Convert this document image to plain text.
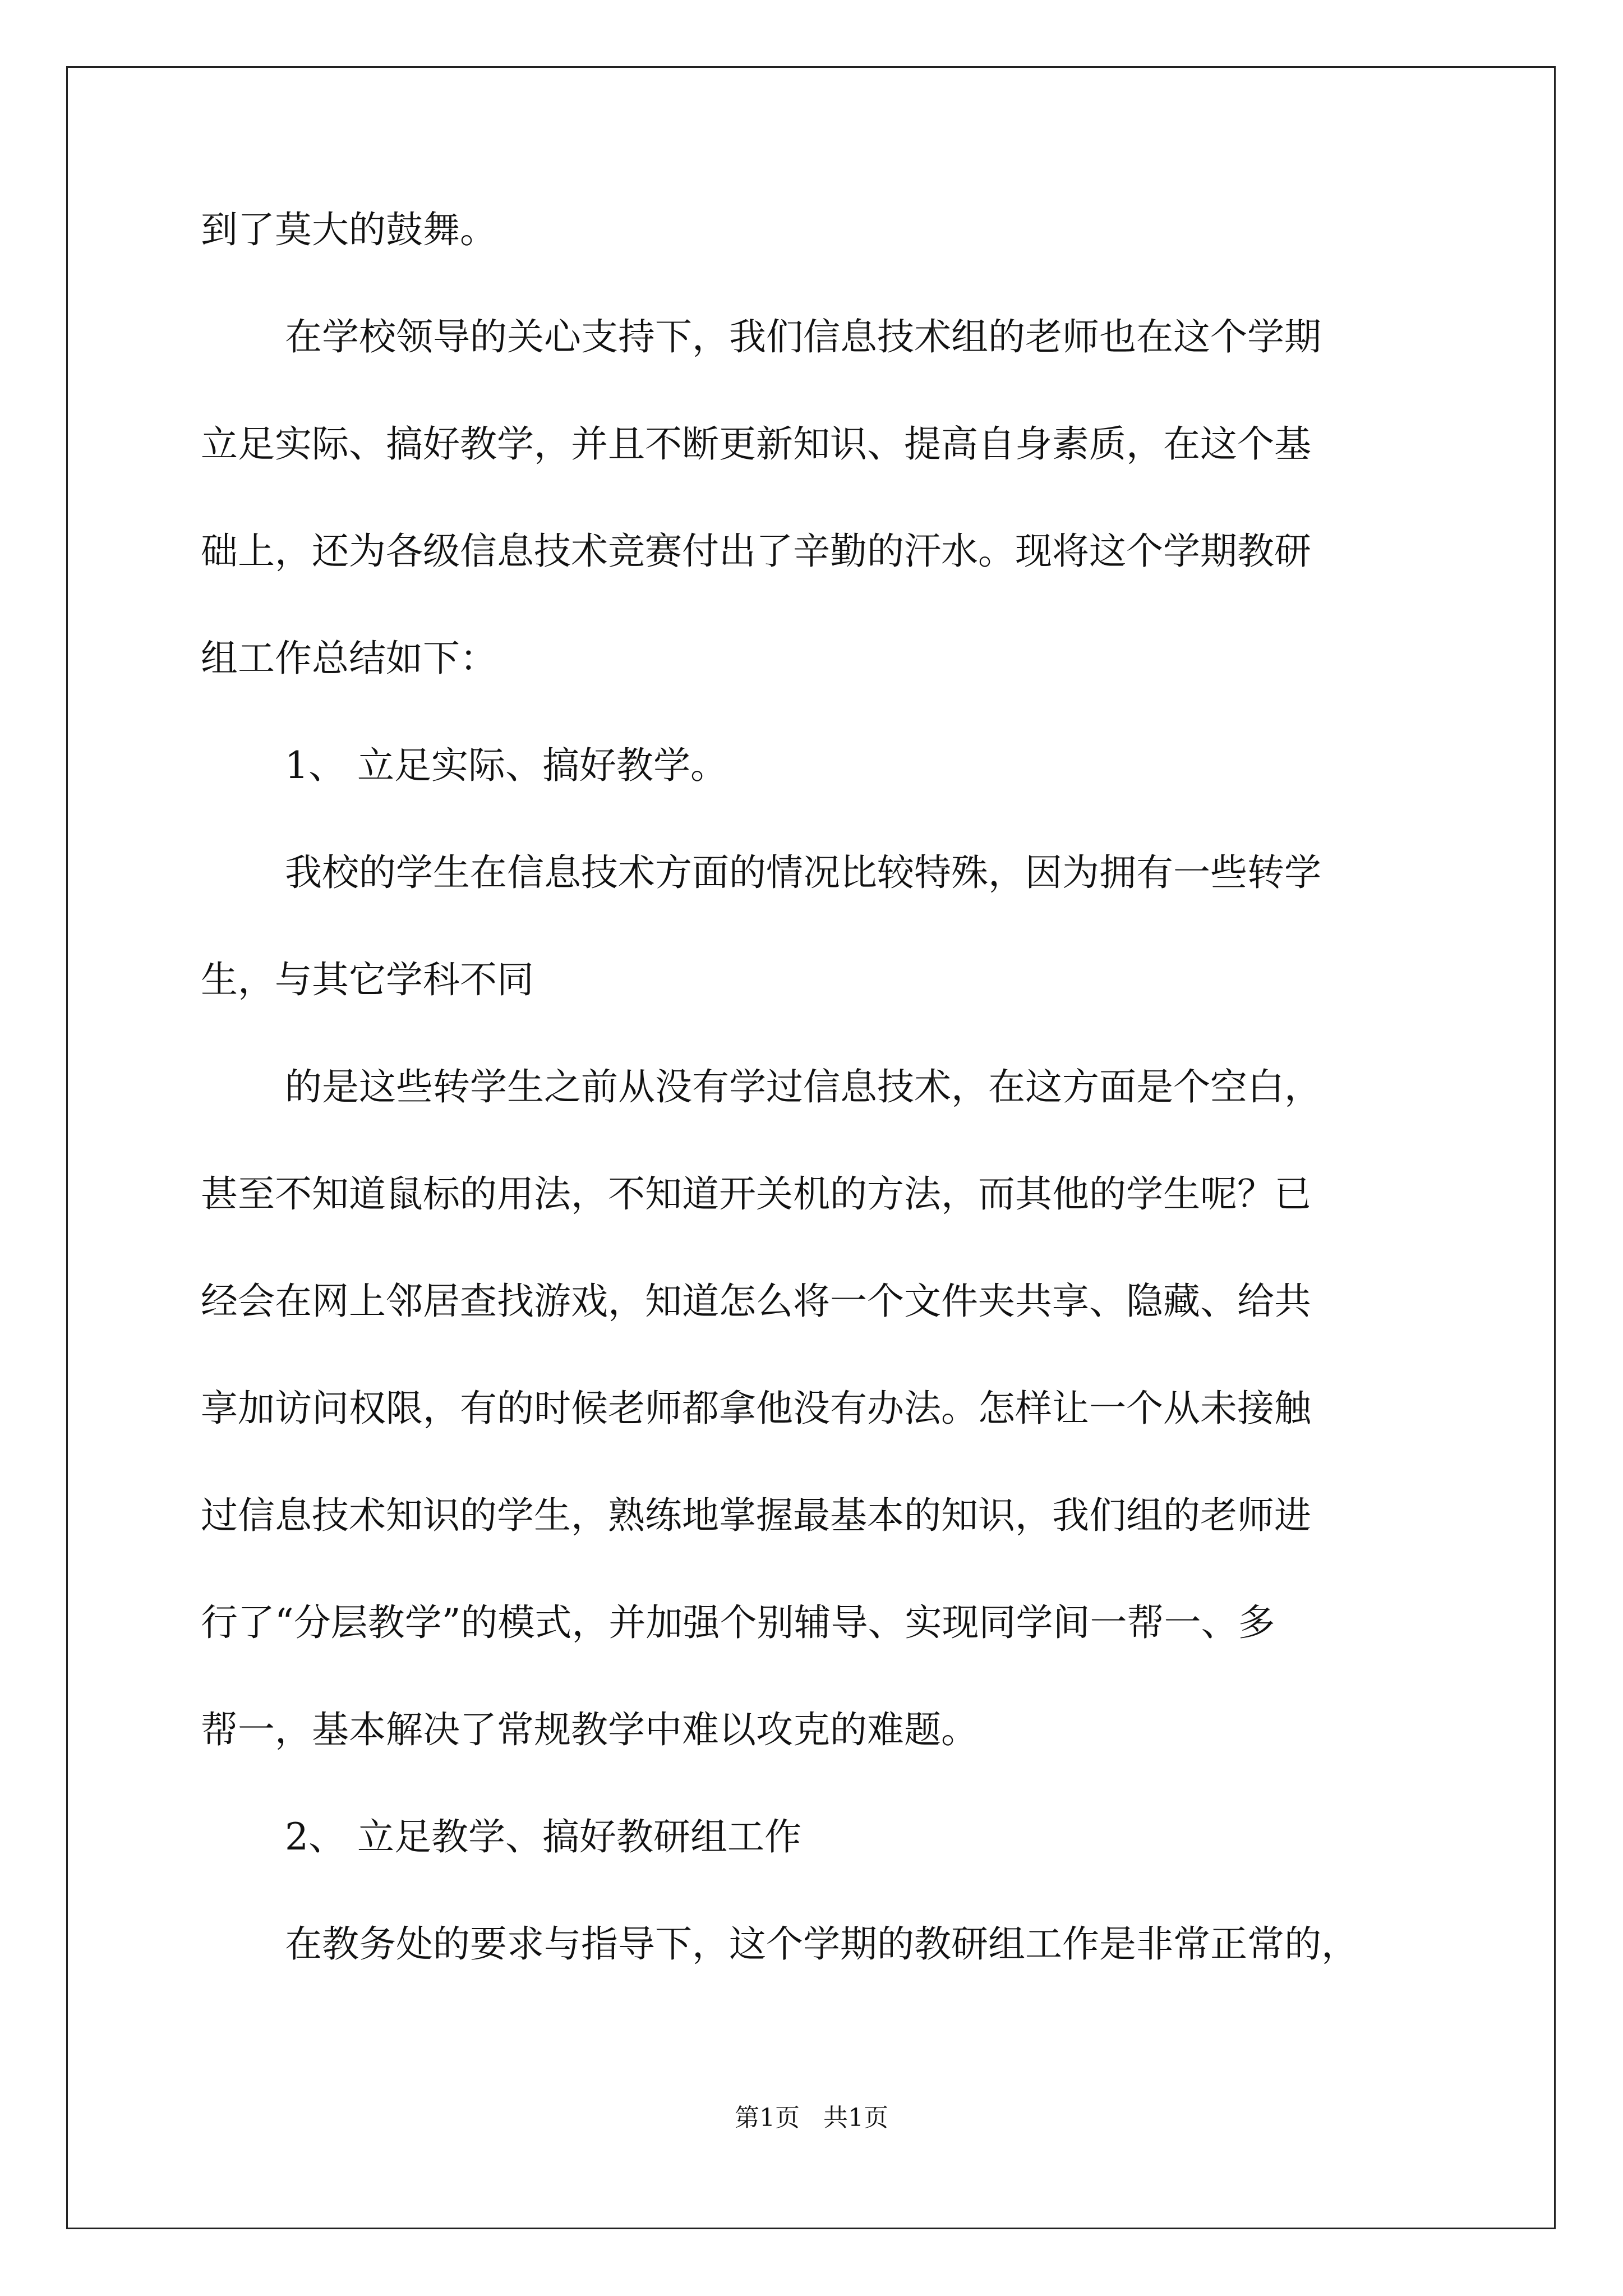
到了莫大的鼓舞。
在学校领导的关心支持下，我们信息技术组的老师也在这个学期
立足实际、搞好教学，并且不断更新知识、提高自身素质，在这个基
础上，还为各级信息技术竞赛付出了辛勤的汗水。现将这个学期教研
组工作总结如下：
1、 立足实际、搞好教学。
我校的学生在信息技术方面的情况比较特殊，因为拥有一些转学
生，与其它学科不同
的是这些转学生之前从没有学过信息技术，在这方面是个空白，
甚至不知道鼠标的用法，不知道开关机的方法，而其他的学生呢？已
经会在网上邻居查找游戏，知道怎么将一个文件夹共享、隐藏、给共
享加访问权限，有的时候老师都拿他没有办法。怎样让一个从未接触
过信息技术知识的学生，熟练地掌握最基本的知识，我们组的老师进
行了“分层教学”的模式，并加强个别辅导、实现同学间一帮一、多
帮一，基本解决了常规教学中难以攻克的难题。
2、 立足教学、搞好教研组工作
在教务处的要求与指导下，这个学期的教研组工作是非常正常的，
第1页   共1页
